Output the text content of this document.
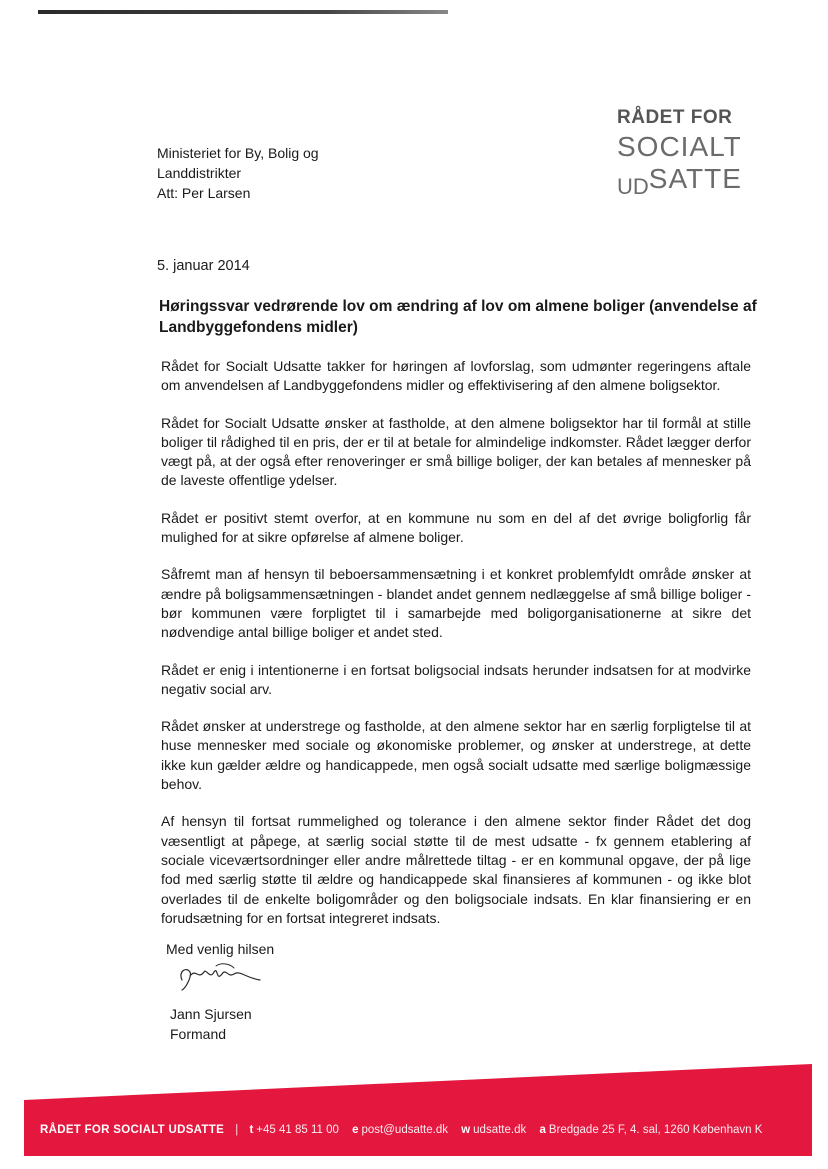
RÅDET FOR
SOCIALT
$_{UD}$SATTE
Ministeriet for By, Bolig og
Landdistrikter
Att: Per Larsen
5. januar 2014
Høringssvar vedrørende lov om ændring af lov om almene boliger (anvendelse af Landbyggefondens midler)

Rådet for Socialt Udsatte takker for høringen af lovforslag, som udmønter regeringens aftale om anvendelsen af Landbyggefondens midler og effektivisering af den almene boligsektor.

Rådet for Socialt Udsatte ønsker at fastholde, at den almene boligsektor har til formål at stille boliger til rådighed til en pris, der er til at betale for almindelige indkomster. Rådet lægger derfor vægt på, at der også efter renoveringer er små billige boliger, der kan betales af mennesker på de laveste offentlige ydelser.

Rådet er positivt stemt overfor, at en kommune nu som en del af det øvrige boligforlig får mulighed for at sikre opførelse af almene boliger.

Såfremt man af hensyn til beboersammensætning i et konkret problemfyldt område ønsker at ændre på boligsammensætningen - blandet andet gennem nedlæggelse af små billige boliger - bør kommunen være forpligtet til i samarbejde med boligorganisationerne at sikre det nødvendige antal billige boliger et andet sted.

Rådet er enig i intentionerne i en fortsat boligsocial indsats herunder indsatsen for at modvirke negativ social arv.

Rådet ønsker at understrege og fastholde, at den almene sektor har en særlig forpligtelse til at huse mennesker med sociale og økonomiske problemer, og ønsker at understrege, at dette ikke kun gælder ældre og handicappede, men også socialt udsatte med særlige boligmæssige behov.

Af hensyn til fortsat rummelighed og tolerance i den almene sektor finder Rådet det dog væsentligt at påpege, at særlig social støtte til de mest udsatte - fx gennem etablering af sociale viceværtsordninger eller andre målrettede tiltag - er en kommunal opgave, der på lige fod med særlig støtte til ældre og handicappede skal finansieres af kommunen - og ikke blot overlades til de enkelte boligområder og den boligsociale indsats. En klar finansiering er en forudsætning for en fortsat integreret indsats.

Med venlig hilsen
Jann Sjursen
Formand
RÅDET FOR SOCIALT UDSATTE | t +45 41 85 11 00 e post@udsatte.dk w udsatte.dk a Bredgade 25 F, 4. sal, 1260 København K
